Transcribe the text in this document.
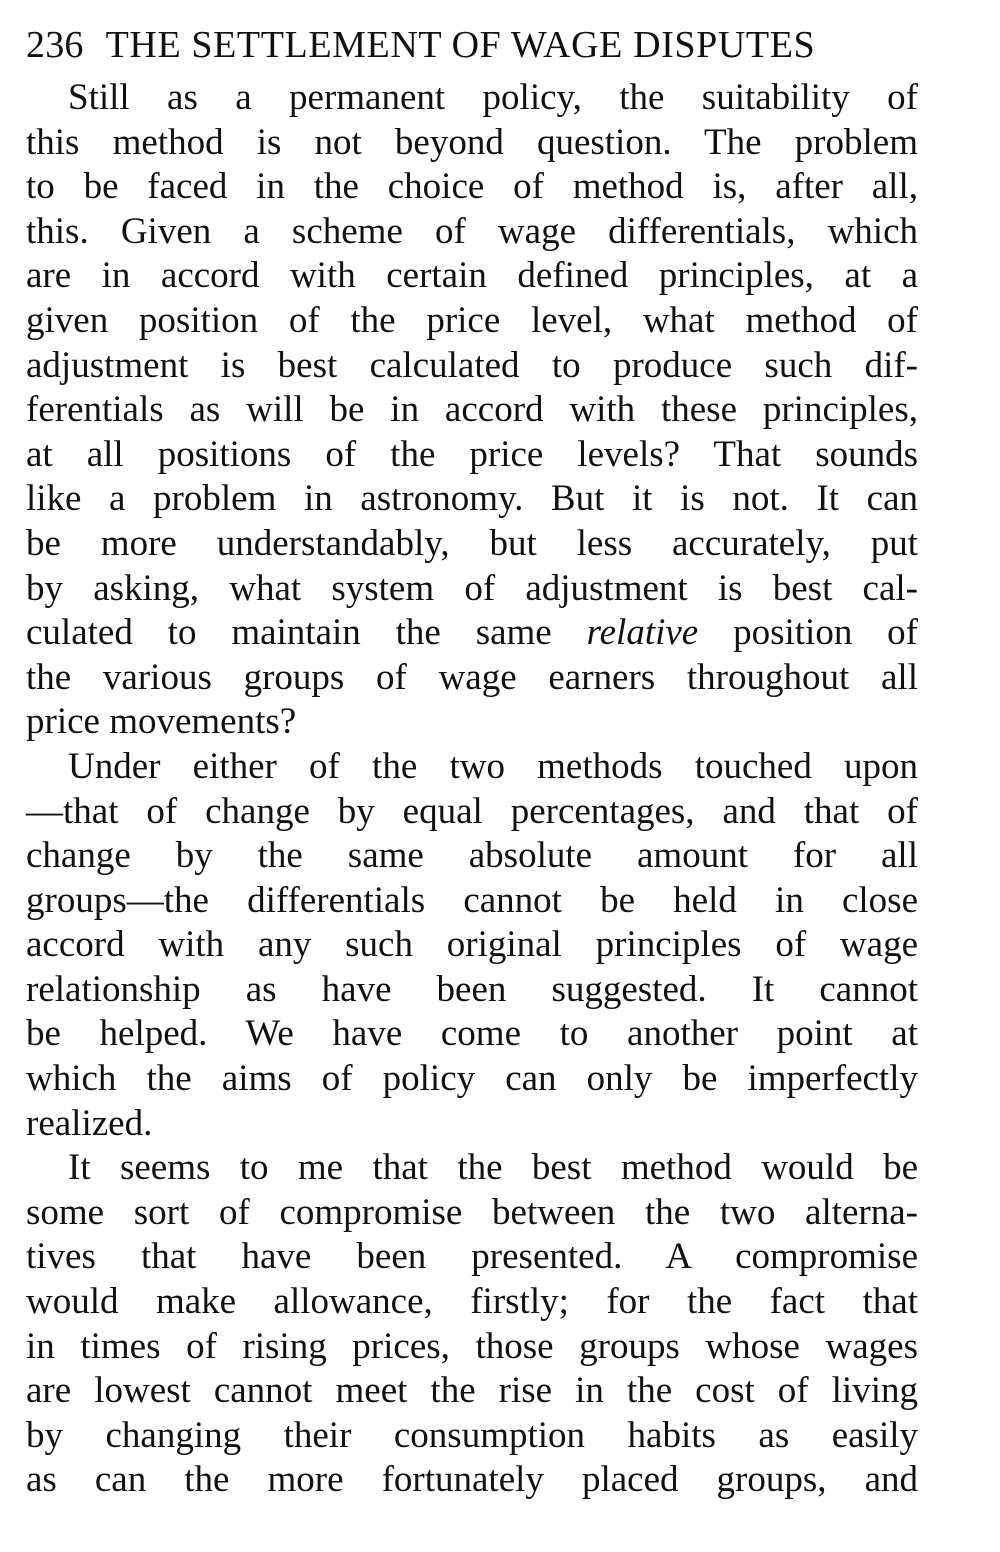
236 THE SETTLEMENT OF WAGE DISPUTES
Still as a permanent policy, the suitability of
this method is not beyond question. The problem
to be faced in the choice of method is, after all,
this. Given a scheme of wage differentials, which
are in accord with certain defined principles, at a
given position of the price level, what method of
adjustment is best calculated to produce such dif-
ferentials as will be in accord with these principles,
at all positions of the price levels? That sounds
like a problem in astronomy. But it is not. It can
be more understandably, but less accurately, put
by asking, what system of adjustment is best cal-
culated to maintain the same relative position of
the various groups of wage earners throughout all
price movements?
Under either of the two methods touched upon
—that of change by equal percentages, and that of
change by the same absolute amount for all
groups—the differentials cannot be held in close
accord with any such original principles of wage
relationship as have been suggested. It cannot
be helped. We have come to another point at
which the aims of policy can only be imperfectly
realized.
It seems to me that the best method would be
some sort of compromise between the two alterna-
tives that have been presented. A compromise
would make allowance, firstly; for the fact that
in times of rising prices, those groups whose wages
are lowest cannot meet the rise in the cost of living
by changing their consumption habits as easily
as can the more fortunately placed groups, and
